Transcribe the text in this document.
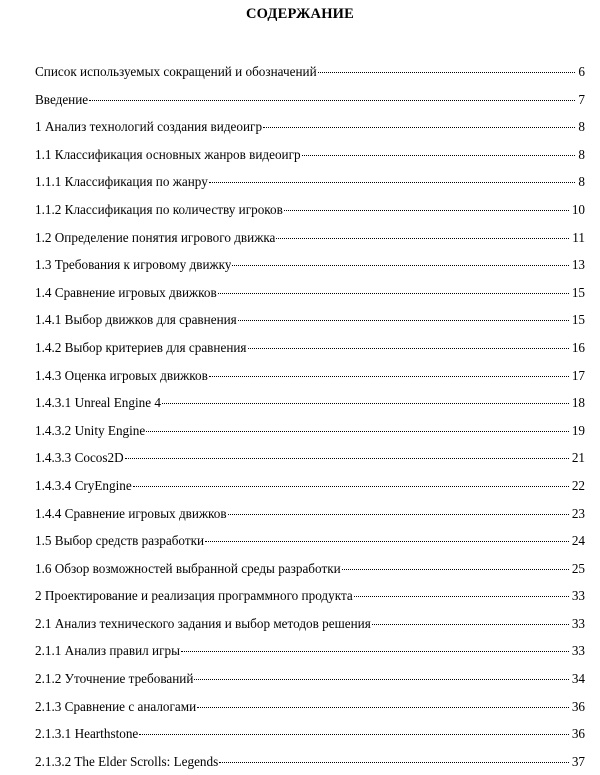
СОДЕРЖАНИЕ
Список используемых сокращений и обозначений	6
Введение	7
1 Анализ технологий создания видеоигр	8
1.1 Классификация основных жанров видеоигр	8
1.1.1 Классификация по жанру	8
1.1.2 Классификация по количеству игроков	10
1.2 Определение понятия игрового движка	11
1.3 Требования к игровому движку	13
1.4 Сравнение игровых движков	15
1.4.1 Выбор движков для сравнения	15
1.4.2 Выбор критериев для сравнения	16
1.4.3 Оценка игровых движков	17
1.4.3.1 Unreal Engine 4	18
1.4.3.2 Unity Engine	19
1.4.3.3 Cocos2D	21
1.4.3.4 CryEngine	22
1.4.4 Сравнение игровых движков	23
1.5 Выбор средств разработки	24
1.6 Обзор возможностей выбранной среды разработки	25
2 Проектирование и реализация программного продукта	33
2.1 Анализ технического задания и выбор методов решения	33
2.1.1 Анализ правил игры	33
2.1.2 Уточнение требований	34
2.1.3 Сравнение с аналогами	36
2.1.3.1 Hearthstone	36
2.1.3.2 The Elder Scrolls: Legends	37
